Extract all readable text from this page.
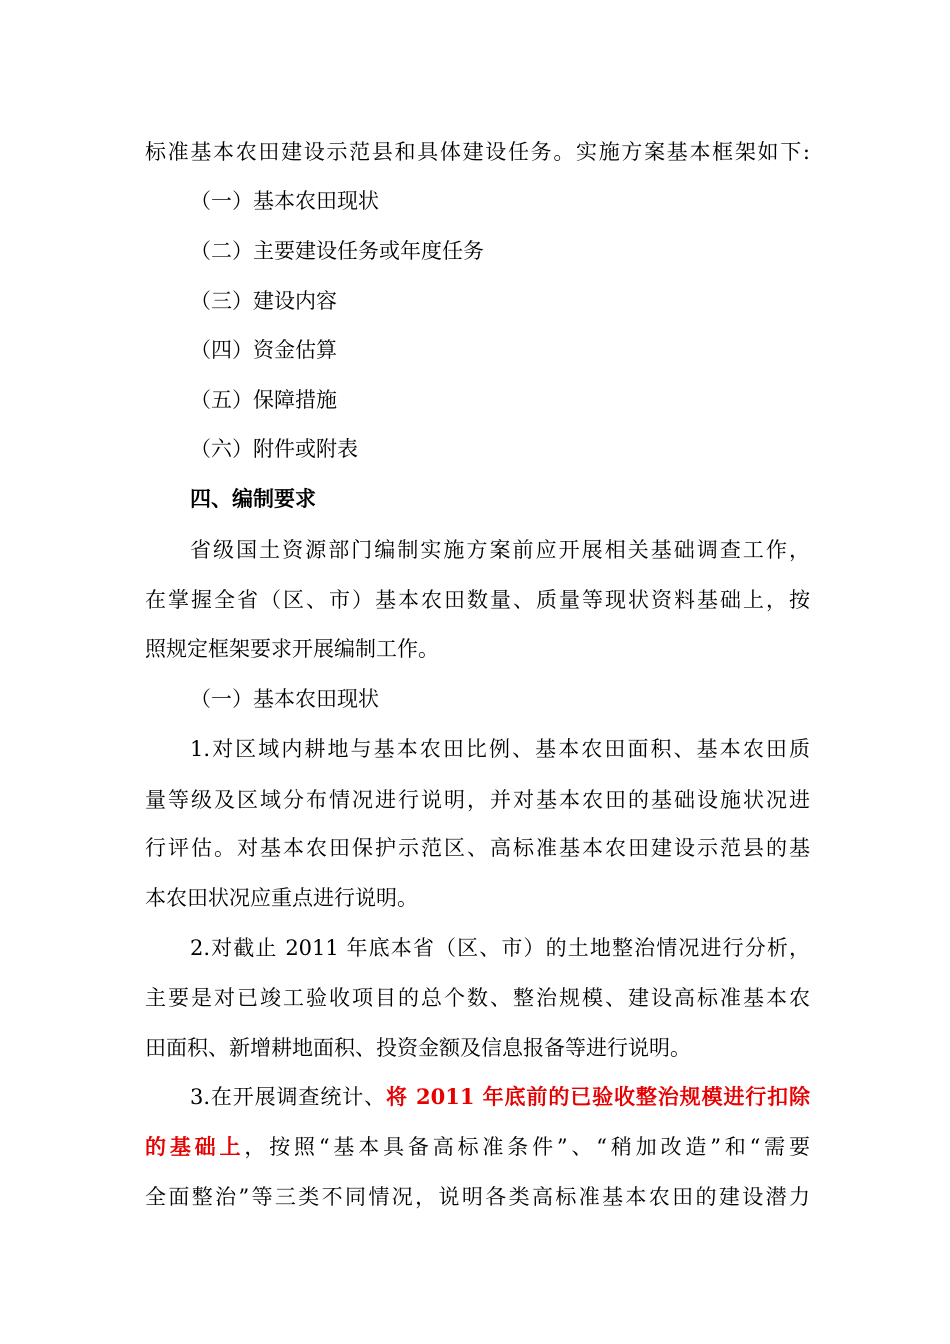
标准基本农田建设示范县和具体建设任务。实施方案基本框架如下:
（一）基本农田现状
（二）主要建设任务或年度任务
（三）建设内容
（四）资金估算
（五）保障措施
（六）附件或附表
四、编制要求
省级国土资源部门编制实施方案前应开展相关基础调查工作，
在掌握全省（区、市）基本农田数量、质量等现状资料基础上，按
照规定框架要求开展编制工作。
（一）基本农田现状
1.对区域内耕地与基本农田比例、基本农田面积、基本农田质
量等级及区域分布情况进行说明，并对基本农田的基础设施状况进
行评估。对基本农田保护示范区、高标准基本农田建设示范县的基
本农田状况应重点进行说明。
2.对截止 2011 年底本省（区、市）的土地整治情况进行分析，
主要是对已竣工验收项目的总个数、整治规模、建设高标准基本农
田面积、新增耕地面积、投资金额及信息报备等进行说明。
3.在开展调查统计、将 2011 年底前的已验收整治规模进行扣除
的基础上，按照“基本具备高标准条件”、“稍加改造”和“需要
全面整治”等三类不同情况，说明各类高标准基本农田的建设潜力
